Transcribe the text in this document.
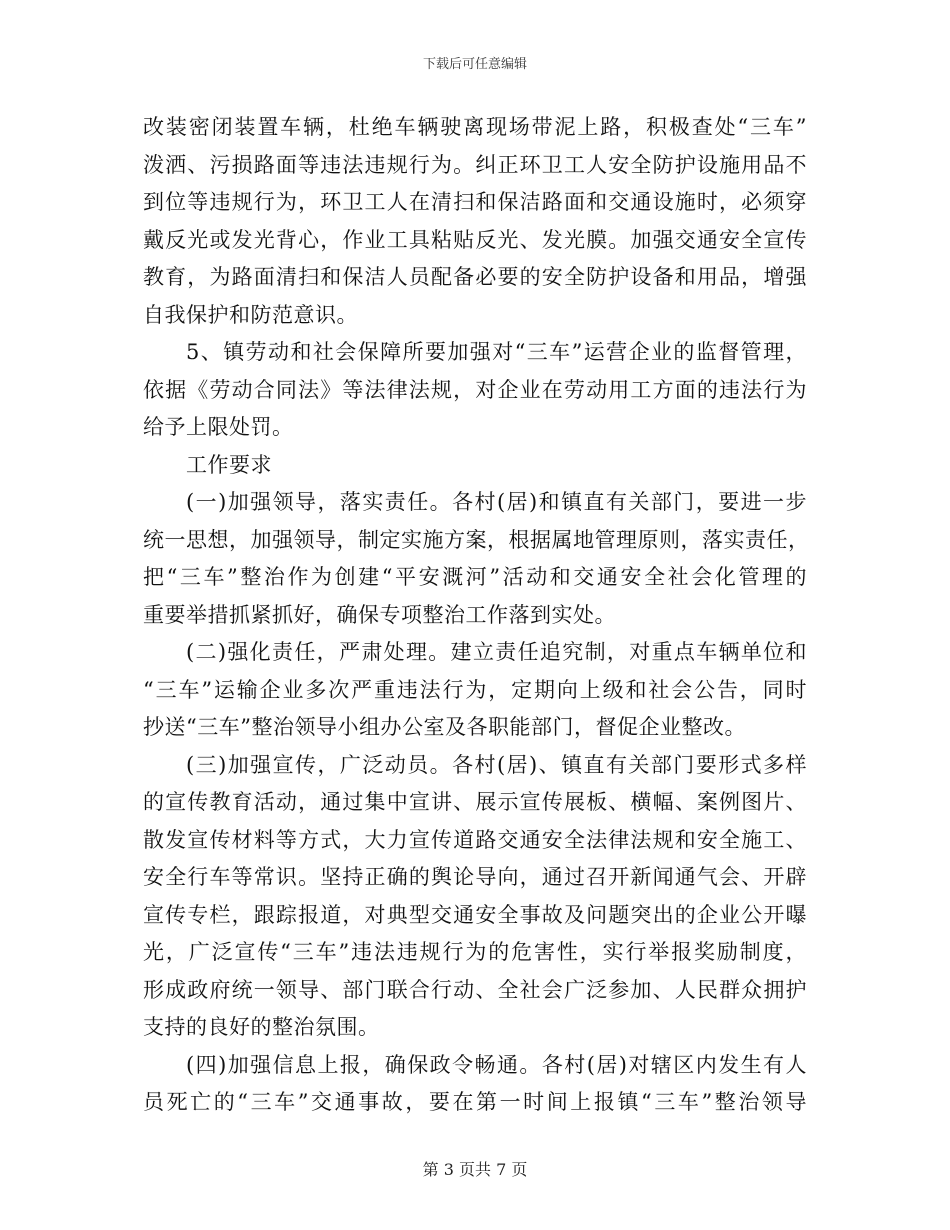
下载后可任意编辑
改装密闭装置车辆，杜绝车辆驶离现场带泥上路，积极查处“三车”
泼洒、污损路面等违法违规行为。纠正环卫工人安全防护设施用品不
到位等违规行为，环卫工人在清扫和保洁路面和交通设施时，必须穿
戴反光或发光背心，作业工具粘贴反光、发光膜。加强交通安全宣传
教育，为路面清扫和保洁人员配备必要的安全防护设备和用品，增强
自我保护和防范意识。
5、镇劳动和社会保障所要加强对“三车”运营企业的监督管理，
依据《劳动合同法》等法律法规，对企业在劳动用工方面的违法行为
给予上限处罚。
工作要求
(一)加强领导，落实责任。各村(居)和镇直有关部门，要进一步
统一思想，加强领导，制定实施方案，根据属地管理原则，落实责任，
把“三车”整治作为创建“平安溉河”活动和交通安全社会化管理的
重要举措抓紧抓好，确保专项整治工作落到实处。
(二)强化责任，严肃处理。建立责任追究制，对重点车辆单位和
“三车”运输企业多次严重违法行为，定期向上级和社会公告，同时
抄送“三车”整治领导小组办公室及各职能部门，督促企业整改。
(三)加强宣传，广泛动员。各村(居)、镇直有关部门要形式多样
的宣传教育活动，通过集中宣讲、展示宣传展板、横幅、案例图片、
散发宣传材料等方式，大力宣传道路交通安全法律法规和安全施工、
安全行车等常识。坚持正确的舆论导向，通过召开新闻通气会、开辟
宣传专栏，跟踪报道，对典型交通安全事故及问题突出的企业公开曝
光，广泛宣传“三车”违法违规行为的危害性，实行举报奖励制度，
形成政府统一领导、部门联合行动、全社会广泛参加、人民群众拥护
支持的良好的整治氛围。
(四)加强信息上报，确保政令畅通。各村(居)对辖区内发生有人
员死亡的“三车”交通事故，要在第一时间上报镇“三车”整治领导
第 3 页共 7 页
